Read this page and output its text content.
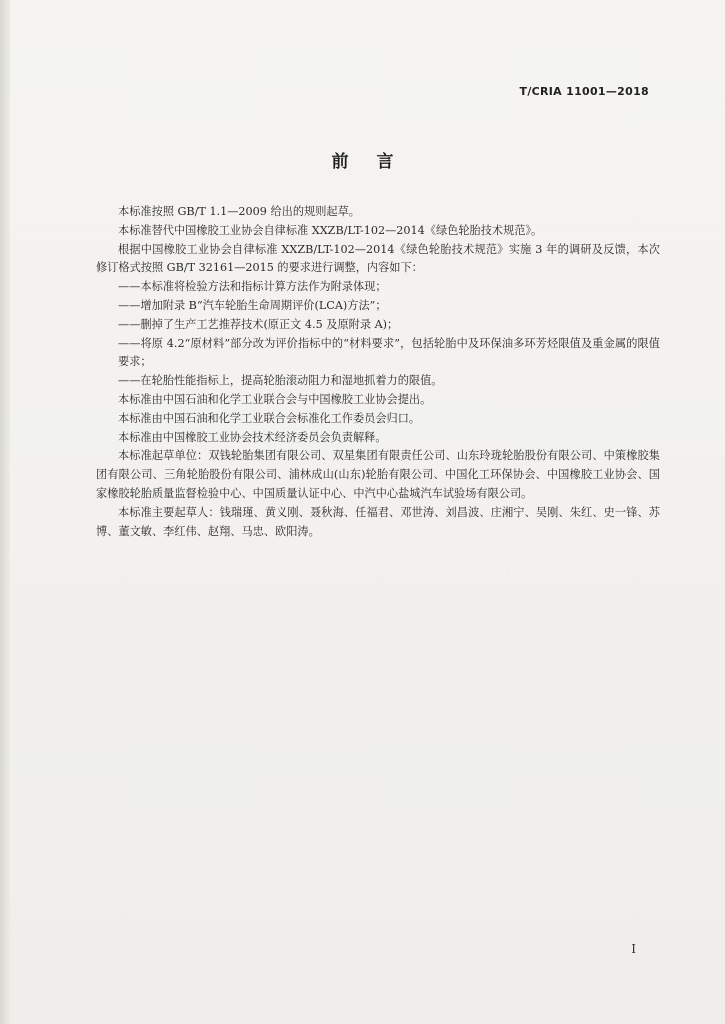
T/CRIA 11001—2018
前言

本标准按照 GB/T 1.1—2009 给出的规则起草。

本标准替代中国橡胶工业协会自律标准 XXZB/LT-102—2014《绿色轮胎技术规范》。

根据中国橡胶工业协会自律标准 XXZB/LT-102—2014《绿色轮胎技术规范》实施 3 年的调研及反馈，本次修订格式按照 GB/T 32161—2015 的要求进行调整，内容如下：

——本标准将检验方法和指标计算方法作为附录体现；

——增加附录 B“汽车轮胎生命周期评价(LCA)方法”；

——删掉了生产工艺推荐技术(原正文 4.5 及原附录 A)；

——将原 4.2“原材料”部分改为评价指标中的“材料要求”，包括轮胎中及环保油多环芳烃限值及重金属的限值要求；

——在轮胎性能指标上，提高轮胎滚动阻力和湿地抓着力的限值。

本标准由中国石油和化学工业联合会与中国橡胶工业协会提出。

本标准由中国石油和化学工业联合会标准化工作委员会归口。

本标准由中国橡胶工业协会技术经济委员会负责解释。

本标准起草单位：双钱轮胎集团有限公司、双星集团有限责任公司、山东玲珑轮胎股份有限公司、中策橡胶集团有限公司、三角轮胎股份有限公司、浦林成山(山东)轮胎有限公司、中国化工环保协会、中国橡胶工业协会、国家橡胶轮胎质量监督检验中心、中国质量认证中心、中汽中心盐城汽车试验场有限公司。

本标准主要起草人：钱瑞瑾、黄义刚、聂秋海、任福君、邓世涛、刘昌波、庄湘宁、吴刚、朱红、史一锋、苏博、董文敏、李红伟、赵翔、马忠、欧阳涛。

I
